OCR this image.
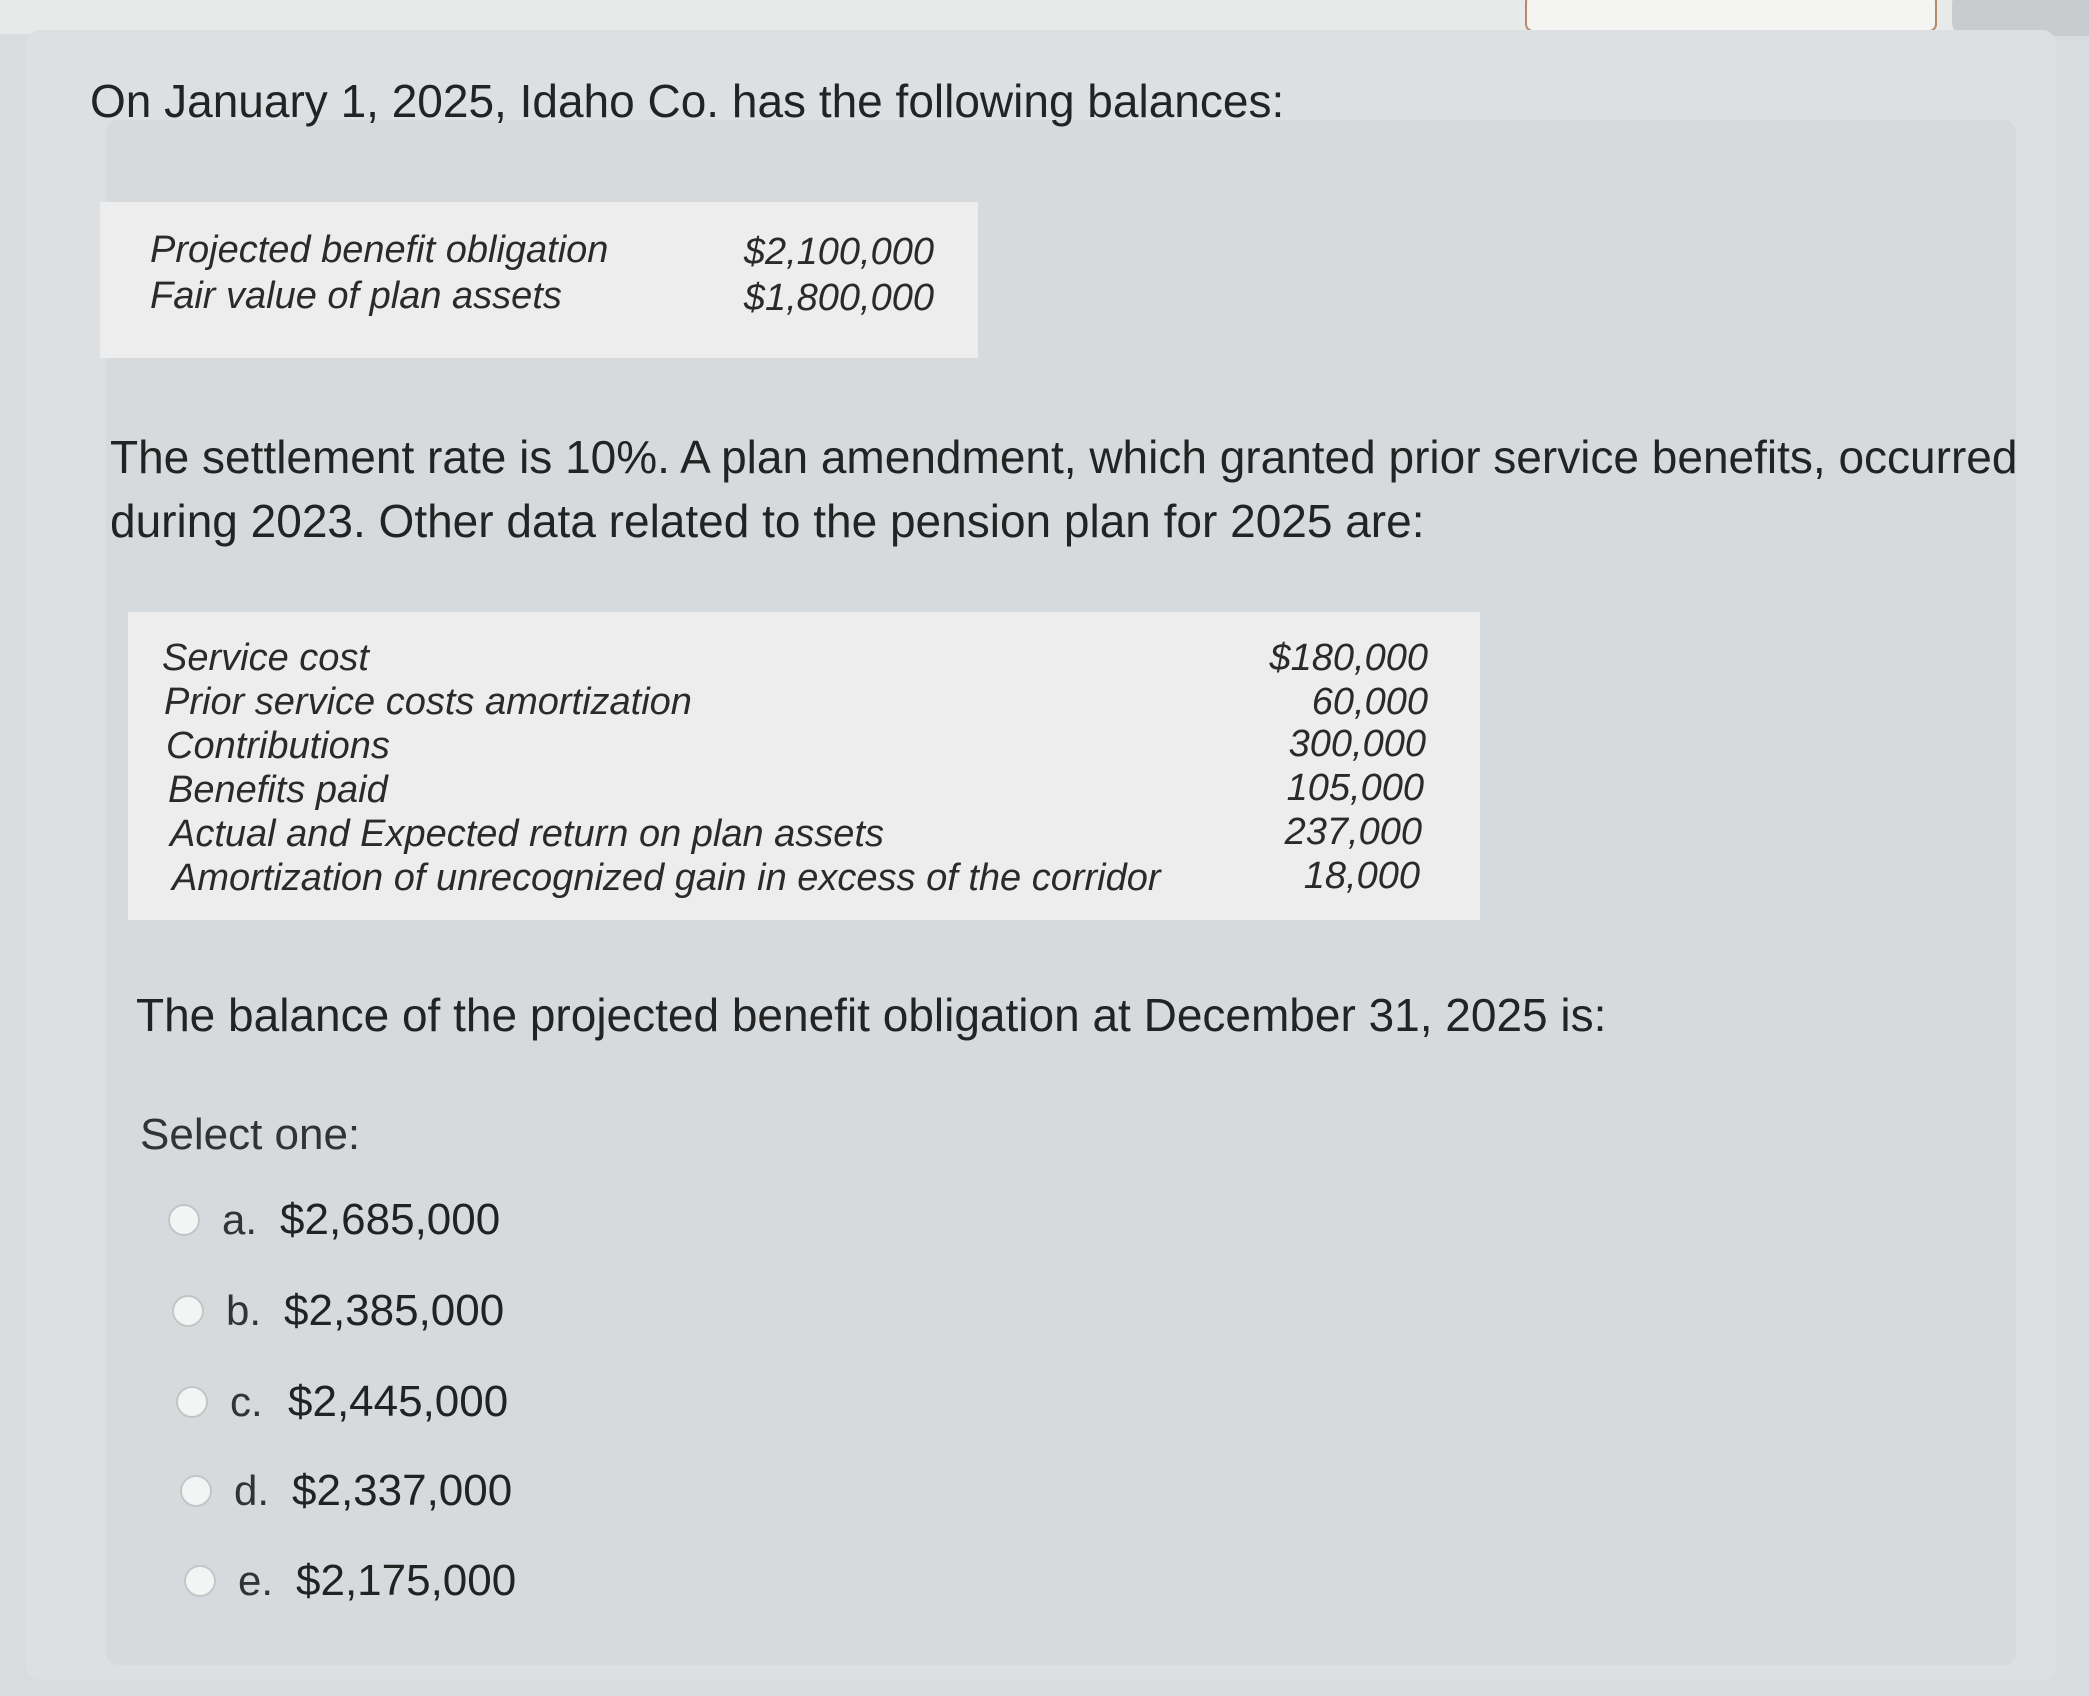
On January 1, 2025, Idaho Co. has the following balances:

Projected benefit obligation	$2,100,000

Fair value of plan assets	$1,800,000

The settlement rate is 10%. A plan amendment, which granted prior service benefits, occurred

during 2023. Other data related to the pension plan for 2025 are:

Service cost	$180,000

Prior service costs amortization	60,000

Contributions	300,000

Benefits paid	105,000

Actual and Expected return on plan assets	237,000

Amortization of unrecognized gain in excess of the corridor	18,000

The balance of the projected benefit obligation at December 31, 2025 is:

Select one:

a. $2,685,000
b. $2,385,000
c. $2,445,000
d. $2,337,000
e. $2,175,000
